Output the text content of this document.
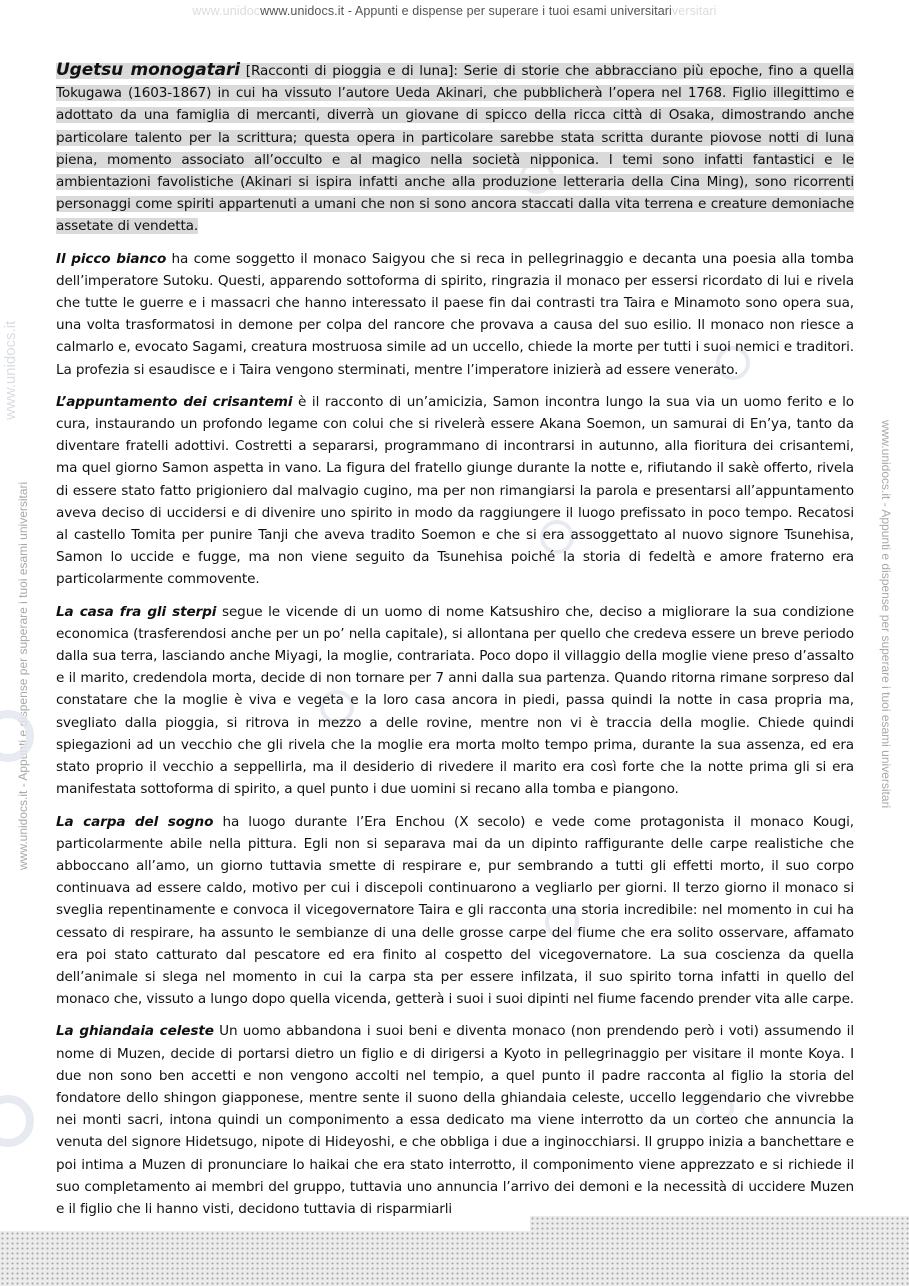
www.unidocwww.unidocs.it - Appunti e dispense per superare i tuoi esami universitariversitari
www.unidocs.it
www.unidocs.it - Appunti e dispense per superare i tuoi esami universitari	www.unidocs.it - Appunti e dispense per superare i tuoi esami universitari

Ugetsu monogatari [Racconti di pioggia e di luna]: Serie di storie che abbracciano più epoche, fino a quella Tokugawa (1603-1867) in cui ha vissuto l’autore Ueda Akinari, che pubblicherà l’opera nel 1768. Figlio illegittimo e adottato da una famiglia di mercanti, diverrà un giovane di spicco della ricca città di Osaka, dimostrando anche particolare talento per la scrittura; questa opera in particolare sarebbe stata scritta durante piovose notti di luna piena, momento associato all’occulto e al magico nella società nipponica. I temi sono infatti fantastici e le ambientazioni favolistiche (Akinari si ispira infatti anche alla produzione letteraria della Cina Ming), sono ricorrenti personaggi come spiriti appartenuti a umani che non si sono ancora staccati dalla vita terrena e creature demoniache assetate di vendetta.

Il picco bianco ha come soggetto il monaco Saigyou che si reca in pellegrinaggio e decanta una poesia alla tomba dell’imperatore Sutoku. Questi, apparendo sottoforma di spirito, ringrazia il monaco per essersi ricordato di lui e rivela che tutte le guerre e i massacri che hanno interessato il paese fin dai contrasti tra Taira e Minamoto sono opera sua, una volta trasformatosi in demone per colpa del rancore che provava a causa del suo esilio. Il monaco non riesce a calmarlo e, evocato Sagami, creatura mostruosa simile ad un uccello, chiede la morte per tutti i suoi nemici e traditori. La profezia si esaudisce e i Taira vengono sterminati, mentre l’imperatore inizierà ad essere venerato.

L’appuntamento dei crisantemi è il racconto di un’amicizia, Samon incontra lungo la sua via un uomo ferito e lo cura, instaurando un profondo legame con colui che si rivelerà essere Akana Soemon, un samurai di En’ya, tanto da diventare fratelli adottivi. Costretti a separarsi, programmano di incontrarsi in autunno, alla fioritura dei crisantemi, ma quel giorno Samon aspetta in vano. La figura del fratello giunge durante la notte e, rifiutando il sakè offerto, rivela di essere stato fatto prigioniero dal malvagio cugino, ma per non rimangiarsi la parola e presentarsi all’appuntamento aveva deciso di uccidersi e di divenire uno spirito in modo da raggiungere il luogo prefissato in poco tempo. Recatosi al castello Tomita per punire Tanji che aveva tradito Soemon e che si era assoggettato al nuovo signore Tsunehisa, Samon lo uccide e fugge, ma non viene seguito da Tsunehisa poiché la storia di fedeltà e amore fraterno era particolarmente commovente.

La casa fra gli sterpi segue le vicende di un uomo di nome Katsushiro che, deciso a migliorare la sua condizione economica (trasferendosi anche per un po’ nella capitale), si allontana per quello che credeva essere un breve periodo dalla sua terra, lasciando anche Miyagi, la moglie, contrariata. Poco dopo il villaggio della moglie viene preso d’assalto e il marito, credendola morta, decide di non tornare per 7 anni dalla sua partenza. Quando ritorna rimane sorpreso dal constatare che la moglie è viva e vegeta e la loro casa ancora in piedi, passa quindi la notte in casa propria ma, svegliato dalla pioggia, si ritrova in mezzo a delle rovine, mentre non vi è traccia della moglie. Chiede quindi spiegazioni ad un vecchio che gli rivela che la moglie era morta molto tempo prima, durante la sua assenza, ed era stato proprio il vecchio a seppellirla, ma il desiderio di rivedere il marito era così forte che la notte prima gli si era manifestata sottoforma di spirito, a quel punto i due uomini si recano alla tomba e piangono.

La carpa del sogno ha luogo durante l’Era Enchou (X secolo) e vede come protagonista il monaco Kougi, particolarmente abile nella pittura. Egli non si separava mai da un dipinto raffigurante delle carpe realistiche che abboccano all’amo, un giorno tuttavia smette di respirare e, pur sembrando a tutti gli effetti morto, il suo corpo continuava ad essere caldo, motivo per cui i discepoli continuarono a vegliarlo per giorni. Il terzo giorno il monaco si sveglia repentinamente e convoca il vicegovernatore Taira e gli racconta una storia incredibile: nel momento in cui ha cessato di respirare, ha assunto le sembianze di una delle grosse carpe del fiume che era solito osservare, affamato era poi stato catturato dal pescatore ed era finito al cospetto del vicegovernatore. La sua coscienza da quella dell’animale si slega nel momento in cui la carpa sta per essere infilzata, il suo spirito torna infatti in quello del monaco che, vissuto a lungo dopo quella vicenda, getterà i suoi i suoi dipinti nel fiume facendo prender vita alle carpe.

La ghiandaia celeste Un uomo abbandona i suoi beni e diventa monaco (non prendendo però i voti) assumendo il nome di Muzen, decide di portarsi dietro un figlio e di dirigersi a Kyoto in pellegrinaggio per visitare il monte Koya. I due non sono ben accetti e non vengono accolti nel tempio, a quel punto il padre racconta al figlio la storia del fondatore dello shingon giapponese, mentre sente il suono della ghiandaia celeste, uccello leggendario che vivrebbe nei monti sacri, intona quindi un componimento a essa dedicato ma viene interrotto da un corteo che annuncia la venuta del signore Hidetsugo, nipote di Hideyoshi, e che obbliga i due a inginocchiarsi. Il gruppo inizia a banchettare e poi intima a Muzen di pronunciare lo haikai che era stato interrotto, il componimento viene apprezzato e si richiede il suo completamento ai membri del gruppo, tuttavia uno annuncia l’arrivo dei demoni e la necessità di uccidere Muzen e il figlio che li hanno visti, decidono tuttavia di risparmiarli
